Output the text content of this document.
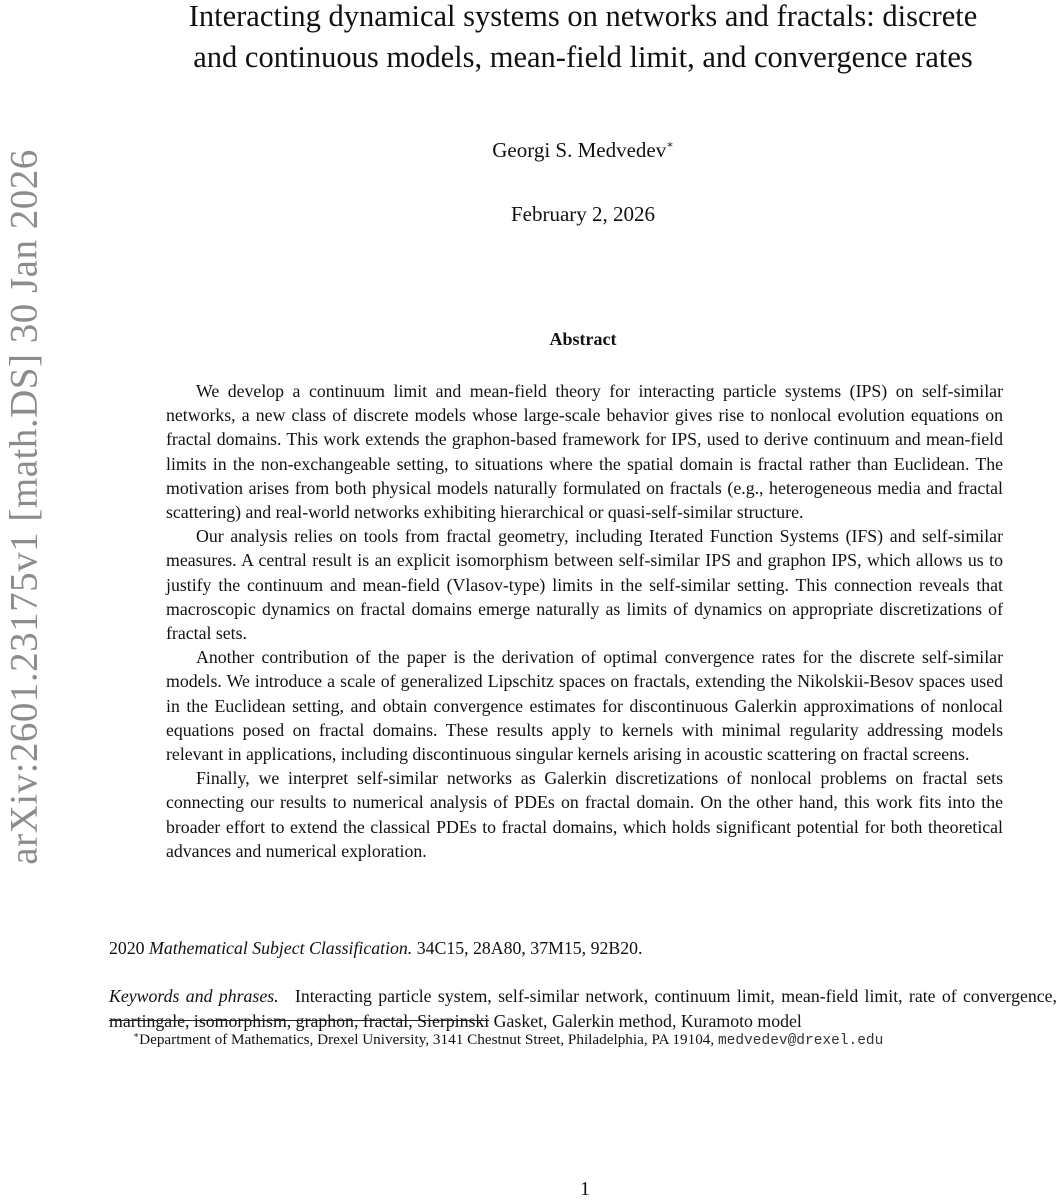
arXiv:2601.23175v1 [math.DS] 30 Jan 2026
Interacting dynamical systems on networks and fractals: discrete
and continuous models, mean-field limit, and convergence rates
Georgi S. Medvedev∗
February 2, 2026
Abstract

We develop a continuum limit and mean-field theory for interacting particle systems (IPS) on self-similar networks, a new class of discrete models whose large-scale behavior gives rise to nonlocal evolution equations on fractal domains. This work extends the graphon-based framework for IPS, used to derive continuum and mean-field limits in the non-exchangeable setting, to situations where the spatial domain is fractal rather than Euclidean. The motivation arises from both physical models naturally formulated on fractals (e.g., heterogeneous media and fractal scattering) and real-world networks exhibiting hierarchical or quasi-self-similar structure.

Our analysis relies on tools from fractal geometry, including Iterated Function Systems (IFS) and self-similar measures. A central result is an explicit isomorphism between self-similar IPS and graphon IPS, which allows us to justify the continuum and mean-field (Vlasov-type) limits in the self-similar setting. This connection reveals that macroscopic dynamics on fractal domains emerge naturally as limits of dynamics on appropriate discretizations of fractal sets.

Another contribution of the paper is the derivation of optimal convergence rates for the discrete self-similar models. We introduce a scale of generalized Lipschitz spaces on fractals, extending the Nikolskii-Besov spaces used in the Euclidean setting, and obtain convergence estimates for discontinuous Galerkin approximations of nonlocal equations posed on fractal domains. These results apply to kernels with minimal regularity addressing models relevant in applications, including discontinuous singular kernels arising in acoustic scattering on fractal screens.

Finally, we interpret self-similar networks as Galerkin discretizations of nonlocal problems on fractal sets connecting our results to numerical analysis of PDEs on fractal domain. On the other hand, this work fits into the broader effort to extend the classical PDEs to fractal domains, which holds significant potential for both theoretical advances and numerical exploration.

2020 Mathematical Subject Classification. 34C15, 28A80, 37M15, 92B20.
Keywords and phrases. Interacting particle system, self-similar network, continuum limit, mean-field limit, rate of convergence, martingale, isomorphism, graphon, fractal, Sierpinski Gasket, Galerkin method, Kuramoto model
∗Department of Mathematics, Drexel University, 3141 Chestnut Street, Philadelphia, PA 19104, medvedev@drexel.edu
1
